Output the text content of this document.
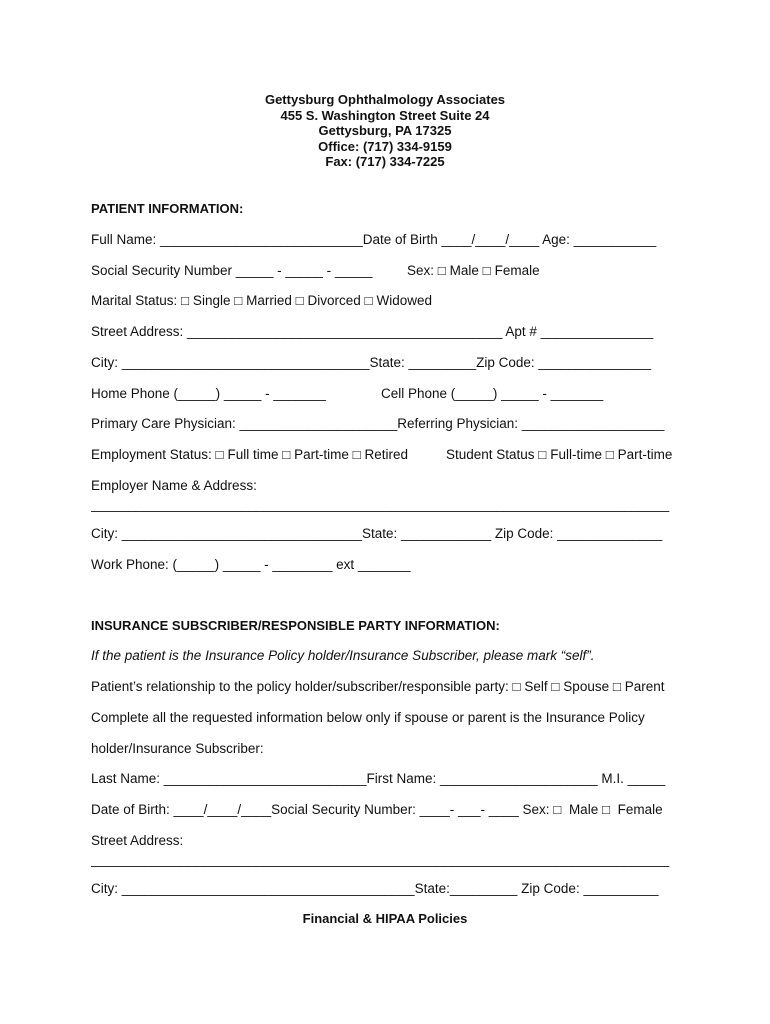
Gettysburg Ophthalmology Associates
455 S. Washington Street Suite 24
Gettysburg, PA 17325
Office: (717) 334-9159
Fax: (717) 334-7225
PATIENT INFORMATION:
Full Name: ___________________________Date of Birth ____/____/____ Age: ___________

Social Security Number _____ - _____ - _____

	Sex: □ Male □ Female

Marital Status: □ Single □ Married □ Divorced □ Widowed
Street Address: __________________________________________ Apt # _______________
City: _________________________________State: _________Zip Code: _______________

Home Phone (_____) _____ - _______

	Cell Phone (_____) _____ - _______

Primary Care Physician: _____________________Referring Physician: ___________________

Employment Status: □ Full time □ Part-time □ Retired

	Student Status □ Full-time □ Part-time

Employer Name & Address:
_____________________________________________________________________________
City: ________________________________State: ____________ Zip Code: ______________
Work Phone: (_____) _____ - ________ ext _______
INSURANCE SUBSCRIBER/RESPONSIBLE PARTY INFORMATION:
If the patient is the Insurance Policy holder/Insurance Subscriber, please mark “self”.
Patient’s relationship to the policy holder/subscriber/responsible party: □ Self □ Spouse □ Parent
Complete all the requested information below only if spouse or parent is the Insurance Policy
holder/Insurance Subscriber:
Last Name: ___________________________First Name: _____________________ M.I. _____
Date of Birth: ____/____/____Social Security Number: ____- ___- ____ Sex: □  Male □  Female
Street Address:
_____________________________________________________________________________
City: _______________________________________State:_________ Zip Code: __________
Financial & HIPAA Policies
